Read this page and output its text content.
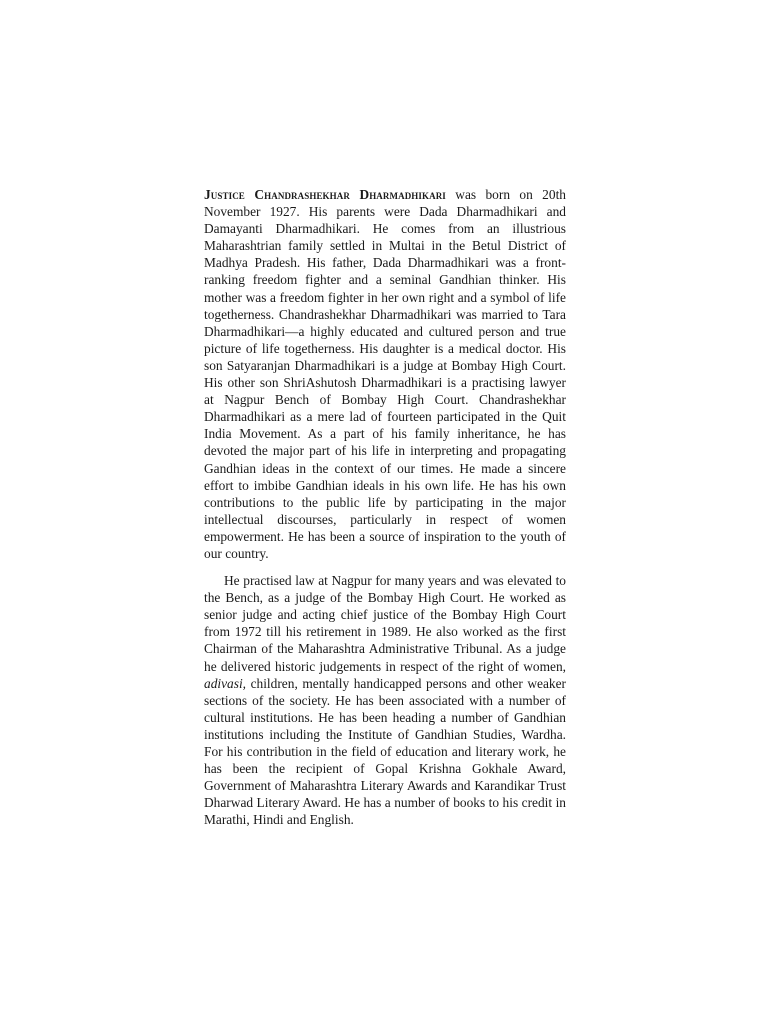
Justice Chandrashekhar Dharmadhikari was born on 20th November 1927. His parents were Dada Dharmadhikari and Damayanti Dharmadhikari. He comes from an illustrious Maharashtrian family settled in Multai in the Betul District of Madhya Pradesh. His father, Dada Dharmadhikari was a front-ranking freedom fighter and a seminal Gandhian thinker. His mother was a freedom fighter in her own right and a symbol of life togetherness. Chandrashekhar Dharmadhikari was married to Tara Dharmadhikari—a highly educated and cultured person and true picture of life togetherness. His daughter is a medical doctor. His son Satyaranjan Dharmadhikari is a judge at Bombay High Court. His other son ShriAshutosh Dharmadhikari is a practising lawyer at Nagpur Bench of Bombay High Court. Chandrashekhar Dharmadhikari as a mere lad of fourteen participated in the Quit India Movement. As a part of his family inheritance, he has devoted the major part of his life in interpreting and propagating Gandhian ideas in the context of our times. He made a sincere effort to imbibe Gandhian ideals in his own life. He has his own contributions to the public life by participating in the major intellectual discourses, particularly in respect of women empowerment. He has been a source of inspiration to the youth of our country.

He practised law at Nagpur for many years and was elevated to the Bench, as a judge of the Bombay High Court. He worked as senior judge and acting chief justice of the Bombay High Court from 1972 till his retirement in 1989. He also worked as the first Chairman of the Maharashtra Administrative Tribunal. As a judge he delivered historic judgements in respect of the right of women, adivasi, children, mentally handicapped persons and other weaker sections of the society. He has been associated with a number of cultural institutions. He has been heading a number of Gandhian institutions including the Institute of Gandhian Studies, Wardha. For his contribution in the field of education and literary work, he has been the recipient of Gopal Krishna Gokhale Award, Government of Maharashtra Literary Awards and Karandikar Trust Dharwad Literary Award. He has a number of books to his credit in Marathi, Hindi and English.
